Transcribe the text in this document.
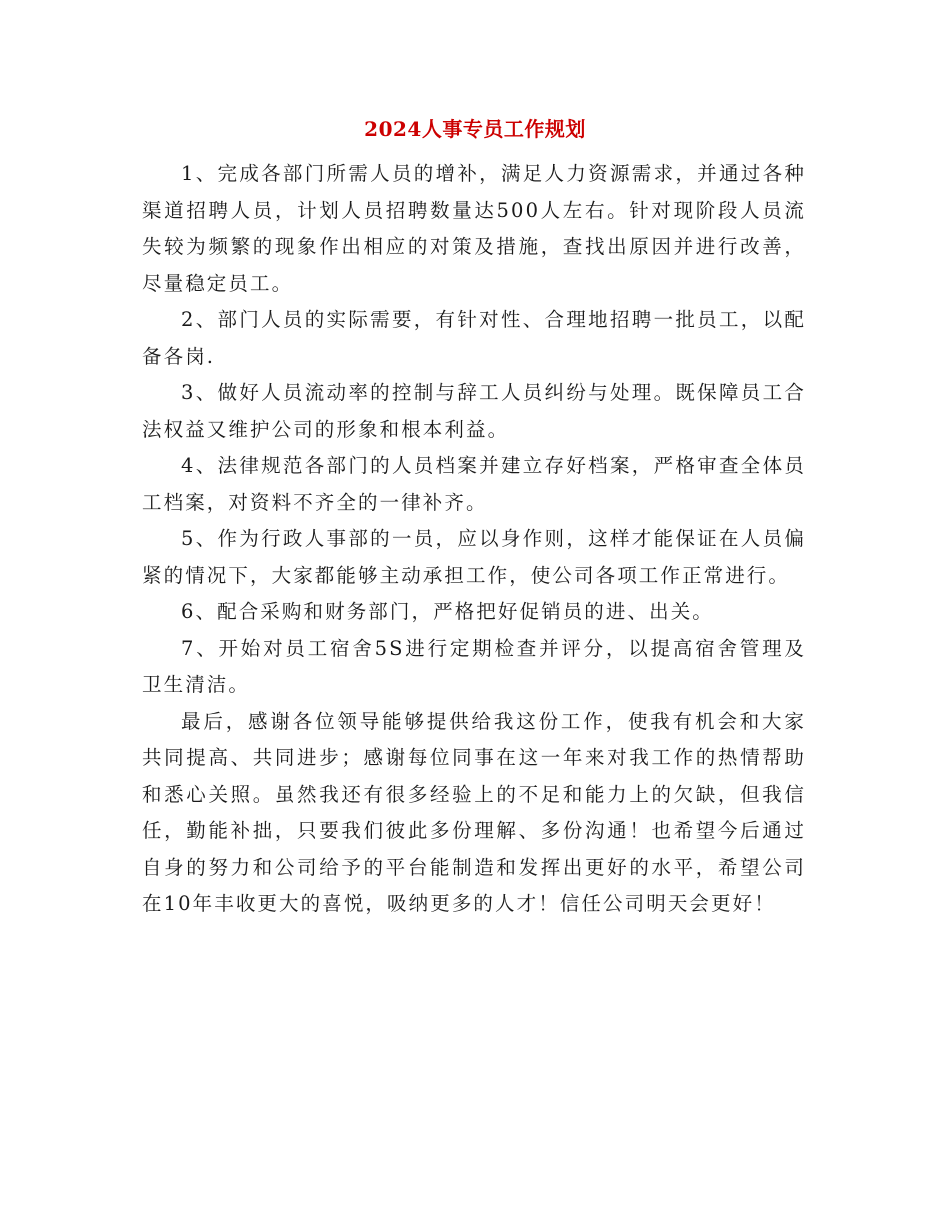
2024人事专员工作规划

1、完成各部门所需人员的增补，满足人力资源需求，并通过各种渠道招聘人员，计划人员招聘数量达500人左右。针对现阶段人员流失较为频繁的现象作出相应的对策及措施，查找出原因并进行改善，尽量稳定员工。

2、部门人员的实际需要，有针对性、合理地招聘一批员工，以配备各岗.

3、做好人员流动率的控制与辞工人员纠纷与处理。既保障员工合法权益又维护公司的形象和根本利益。

4、法律规范各部门的人员档案并建立存好档案，严格审查全体员工档案，对资料不齐全的一律补齐。

5、作为行政人事部的一员，应以身作则，这样才能保证在人员偏紧的情况下，大家都能够主动承担工作，使公司各项工作正常进行。

6、配合采购和财务部门，严格把好促销员的进、出关。

7、开始对员工宿舍5S进行定期检查并评分，以提高宿舍管理及卫生清洁。

最后，感谢各位领导能够提供给我这份工作，使我有机会和大家共同提高、共同进步；感谢每位同事在这一年来对我工作的热情帮助和悉心关照。虽然我还有很多经验上的不足和能力上的欠缺，但我信任，勤能补拙，只要我们彼此多份理解、多份沟通！也希望今后通过自身的努力和公司给予的平台能制造和发挥出更好的水平，希望公司在10年丰收更大的喜悦，吸纳更多的人才！信任公司明天会更好！
